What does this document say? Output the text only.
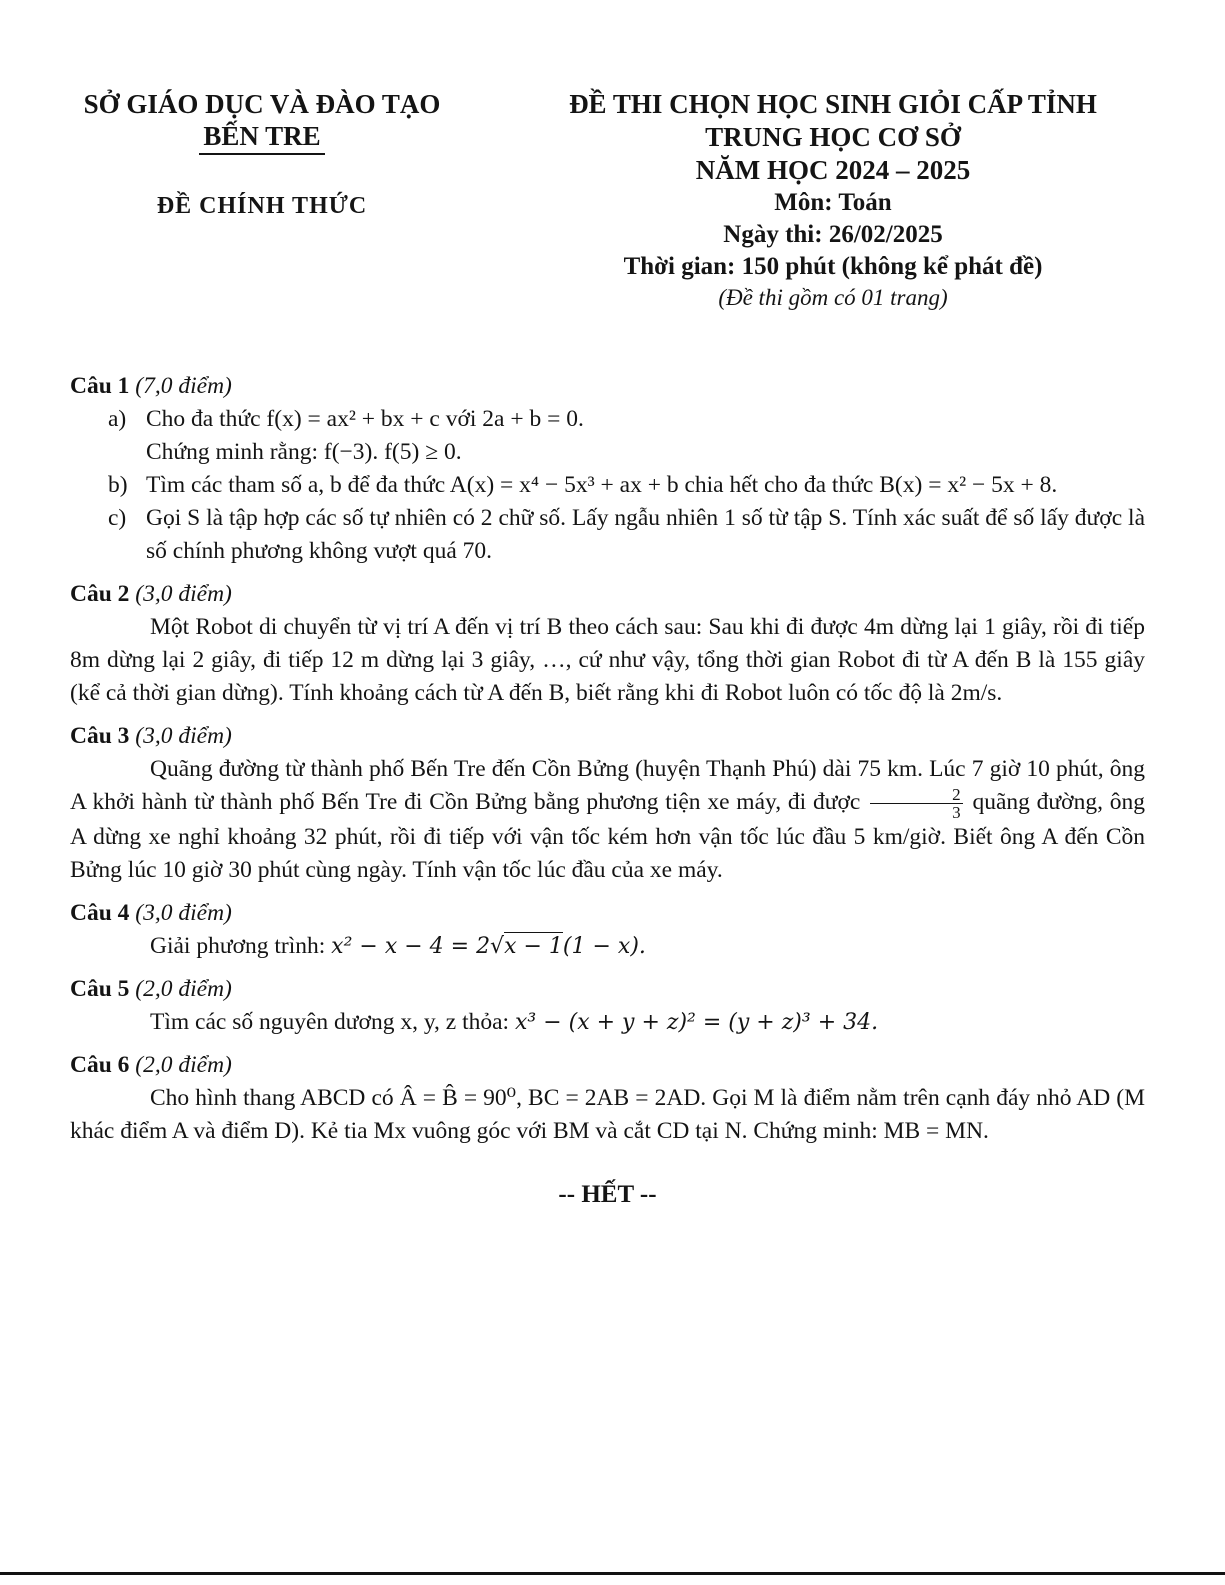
SỞ GIÁO DỤC VÀ ĐÀO TẠO
BẾN TRE
ĐỀ CHÍNH THỨC
ĐỀ THI CHỌN HỌC SINH GIỎI CẤP TỈNH
TRUNG HỌC CƠ SỞ
NĂM HỌC 2024 – 2025
Môn: Toán
Ngày thi: 26/02/2025
Thời gian: 150 phút (không kể phát đề)
(Đề thi gồm có 01 trang)
Câu 1 (7,0 điểm)
a) Cho đa thức f(x) = ax² + bx + c với 2a + b = 0.
Chứng minh rằng: f(−3). f(5) ≥ 0.
b) Tìm các tham số a, b để đa thức A(x) = x⁴ − 5x³ + ax + b chia hết cho đa thức B(x) = x² − 5x + 8.
c) Gọi S là tập hợp các số tự nhiên có 2 chữ số. Lấy ngẫu nhiên 1 số từ tập S. Tính xác suất để số lấy được là số chính phương không vượt quá 70.
Câu 2 (3,0 điểm)
Một Robot di chuyển từ vị trí A đến vị trí B theo cách sau: Sau khi đi được 4m dừng lại 1 giây, rồi đi tiếp 8m dừng lại 2 giây, đi tiếp 12 m dừng lại 3 giây, …, cứ như vậy, tổng thời gian Robot đi từ A đến B là 155 giây (kể cả thời gian dừng). Tính khoảng cách từ A đến B, biết rằng khi đi Robot luôn có tốc độ là 2m/s.
Câu 3 (3,0 điểm)
Quãng đường từ thành phố Bến Tre đến Cồn Bửng (huyện Thạnh Phú) dài 75 km. Lúc 7 giờ 10 phút, ông A khởi hành từ thành phố Bến Tre đi Cồn Bửng bằng phương tiện xe máy, đi được $\frac{2}{3}$ quãng đường, ông A dừng xe nghỉ khoảng 32 phút, rồi đi tiếp với vận tốc kém hơn vận tốc lúc đầu 5 km/giờ. Biết ông A đến Cồn Bửng lúc 10 giờ 30 phút cùng ngày. Tính vận tốc lúc đầu của xe máy.
Câu 4 (3,0 điểm)
Giải phương trình: x² − x − 4 = 2√x − 1(1 − x).
Câu 5 (2,0 điểm)
Tìm các số nguyên dương x, y, z thỏa: x³ − (x + y + z)² = (y + z)³ + 34.
Câu 6 (2,0 điểm)
Cho hình thang ABCD có Â = B̂ = 90⁰, BC = 2AB = 2AD. Gọi M là điểm nằm trên cạnh đáy nhỏ AD (M khác điểm A và điểm D). Kẻ tia Mx vuông góc với BM và cắt CD tại N. Chứng minh: MB = MN.
-- HẾT --
